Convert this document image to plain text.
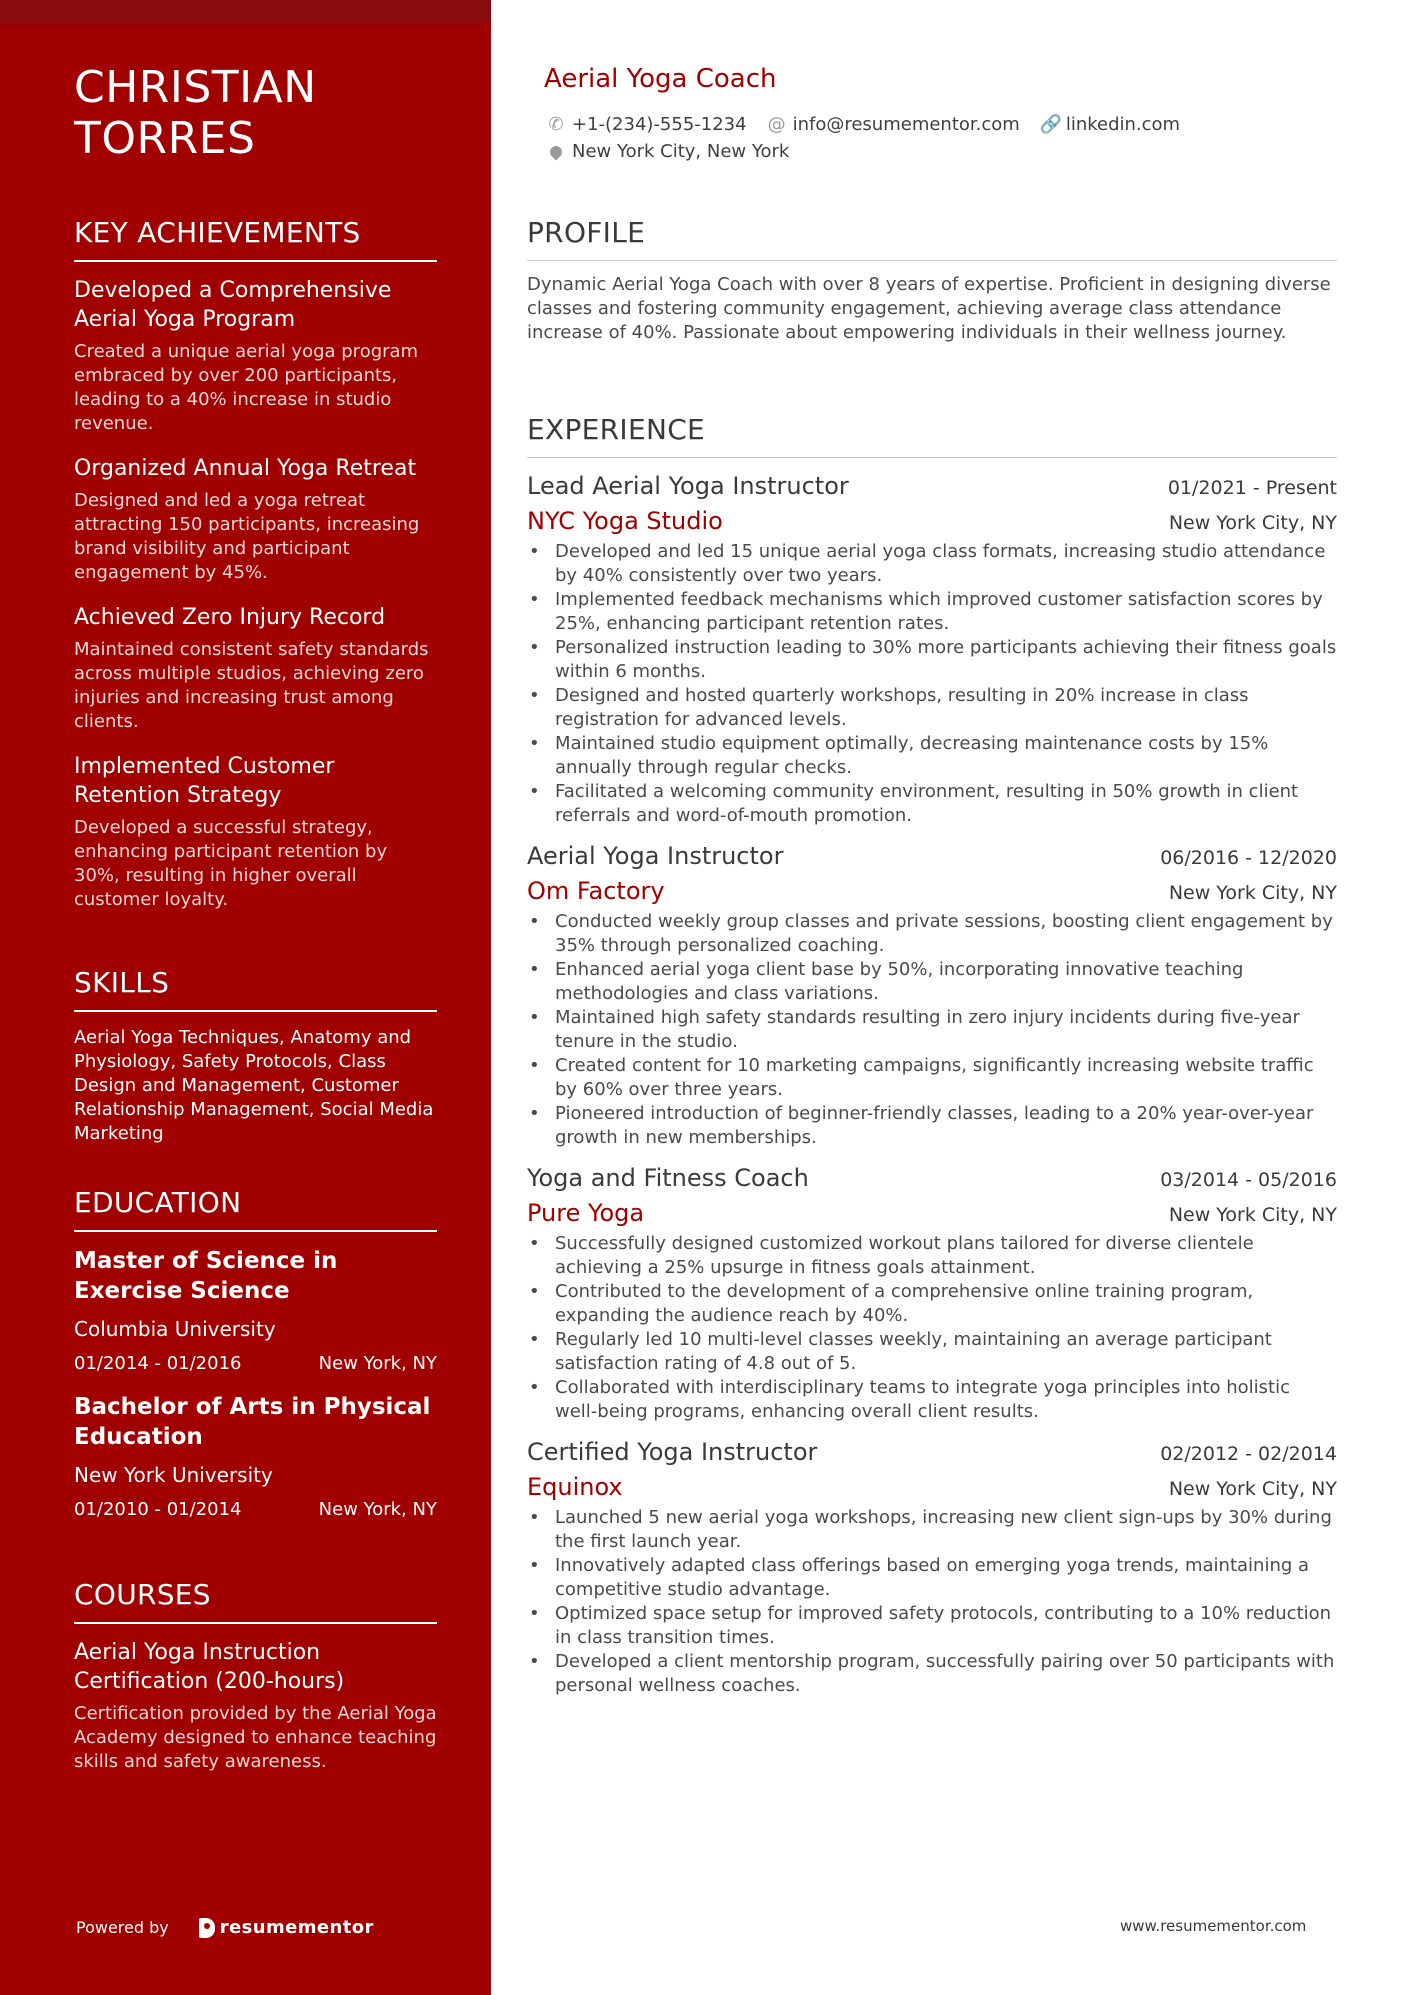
CHRISTIAN TORRES
KEY ACHIEVEMENTS
Developed a Comprehensive Aerial Yoga Program
Created a unique aerial yoga program embraced by over 200 participants, leading to a 40% increase in studio revenue.
Organized Annual Yoga Retreat
Designed and led a yoga retreat attracting 150 participants, increasing brand visibility and participant engagement by 45%.
Achieved Zero Injury Record
Maintained consistent safety standards across multiple studios, achieving zero injuries and increasing trust among clients.
Implemented Customer Retention Strategy
Developed a successful strategy, enhancing participant retention by 30%, resulting in higher overall customer loyalty.
SKILLS
Aerial Yoga Techniques, Anatomy and Physiology, Safety Protocols, Class Design and Management, Customer Relationship Management, Social Media Marketing
EDUCATION
Master of Science in Exercise Science
Columbia University
01/2014 - 01/2016	New York, NY
Bachelor of Arts in Physical Education
New York University
01/2010 - 01/2014	New York, NY
COURSES
Aerial Yoga Instruction Certification (200-hours)
Certification provided by the Aerial Yoga Academy designed to enhance teaching skills and safety awareness.
Powered by	resumementor
Aerial Yoga Coach
✆ +1-(234)-555-1234 @ info@resumementor.com 🔗 linkedin.com
New York City, New York
PROFILE

Dynamic Aerial Yoga Coach with over 8 years of expertise. Proficient in designing diverse classes and fostering community engagement, achieving average class attendance increase of 40%. Passionate about empowering individuals in their wellness journey.

EXPERIENCE
Lead Aerial Yoga Instructor	01/2021 - Present
NYC Yoga Studio	New York City, NY
• Developed and led 15 unique aerial yoga class formats, increasing studio attendance by 40% consistently over two years.
• Implemented feedback mechanisms which improved customer satisfaction scores by 25%, enhancing participant retention rates.
• Personalized instruction leading to 30% more participants achieving their fitness goals within 6 months.
• Designed and hosted quarterly workshops, resulting in 20% increase in class registration for advanced levels.
• Maintained studio equipment optimally, decreasing maintenance costs by 15% annually through regular checks.
• Facilitated a welcoming community environment, resulting in 50% growth in client referrals and word-of-mouth promotion.
Aerial Yoga Instructor	06/2016 - 12/2020
Om Factory	New York City, NY
• Conducted weekly group classes and private sessions, boosting client engagement by 35% through personalized coaching.
• Enhanced aerial yoga client base by 50%, incorporating innovative teaching methodologies and class variations.
• Maintained high safety standards resulting in zero injury incidents during five-year tenure in the studio.
• Created content for 10 marketing campaigns, significantly increasing website traffic by 60% over three years.
• Pioneered introduction of beginner-friendly classes, leading to a 20% year-over-year growth in new memberships.
Yoga and Fitness Coach	03/2014 - 05/2016
Pure Yoga	New York City, NY
• Successfully designed customized workout plans tailored for diverse clientele achieving a 25% upsurge in fitness goals attainment.
• Contributed to the development of a comprehensive online training program, expanding the audience reach by 40%.
• Regularly led 10 multi-level classes weekly, maintaining an average participant satisfaction rating of 4.8 out of 5.
• Collaborated with interdisciplinary teams to integrate yoga principles into holistic well-being programs, enhancing overall client results.
Certified Yoga Instructor	02/2012 - 02/2014
Equinox	New York City, NY
• Launched 5 new aerial yoga workshops, increasing new client sign-ups by 30% during the first launch year.
• Innovatively adapted class offerings based on emerging yoga trends, maintaining a competitive studio advantage.
• Optimized space setup for improved safety protocols, contributing to a 10% reduction in class transition times.
• Developed a client mentorship program, successfully pairing over 50 participants with personal wellness coaches.
www.resumementor.com
